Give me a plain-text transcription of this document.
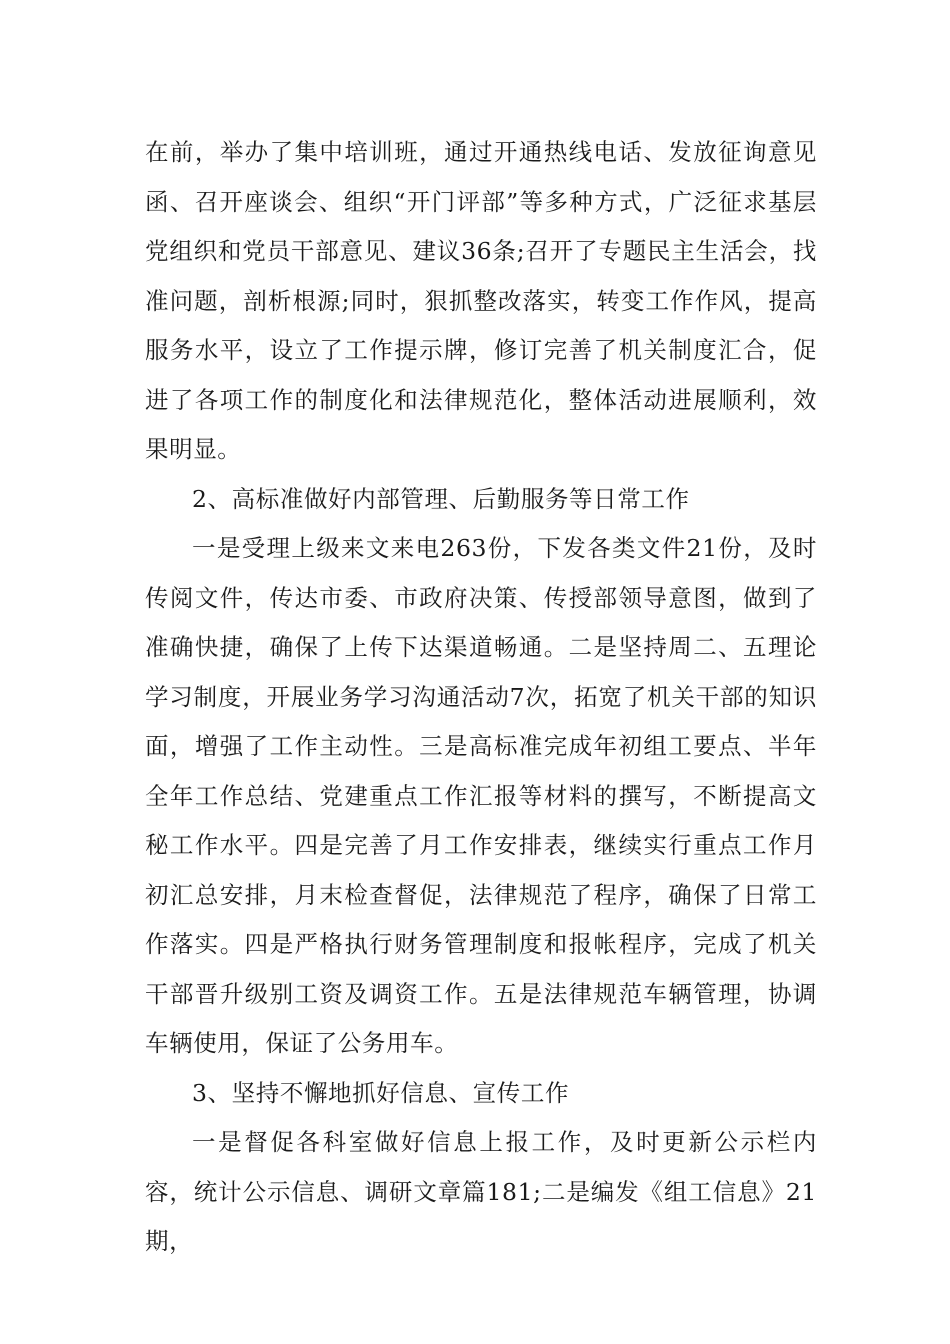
在前，举办了集中培训班，通过开通热线电话、发放征询意见函、召开座谈会、组织“开门评部”等多种方式，广泛征求基层党组织和党员干部意见、建议36条;召开了专题民主生活会，找准问题，剖析根源;同时，狠抓整改落实，转变工作作风，提高服务水平，设立了工作提示牌，修订完善了机关制度汇合，促进了各项工作的制度化和法律规范化，整体活动进展顺利，效果明显。

2、高标准做好内部管理、后勤服务等日常工作

一是受理上级来文来电263份，下发各类文件21份，及时传阅文件，传达市委、市政府决策、传授部领导意图，做到了准确快捷，确保了上传下达渠道畅通。二是坚持周二、五理论学习制度，开展业务学习沟通活动7次，拓宽了机关干部的知识面，增强了工作主动性。三是高标准完成年初组工要点、半年全年工作总结、党建重点工作汇报等材料的撰写，不断提高文秘工作水平。四是完善了月工作安排表，继续实行重点工作月初汇总安排，月末检查督促，法律规范了程序，确保了日常工作落实。四是严格执行财务管理制度和报帐程序，完成了机关干部晋升级别工资及调资工作。五是法律规范车辆管理，协调车辆使用，保证了公务用车。

3、坚持不懈地抓好信息、宣传工作

一是督促各科室做好信息上报工作，及时更新公示栏内容，统计公示信息、调研文章篇181;二是编发《组工信息》21期，
